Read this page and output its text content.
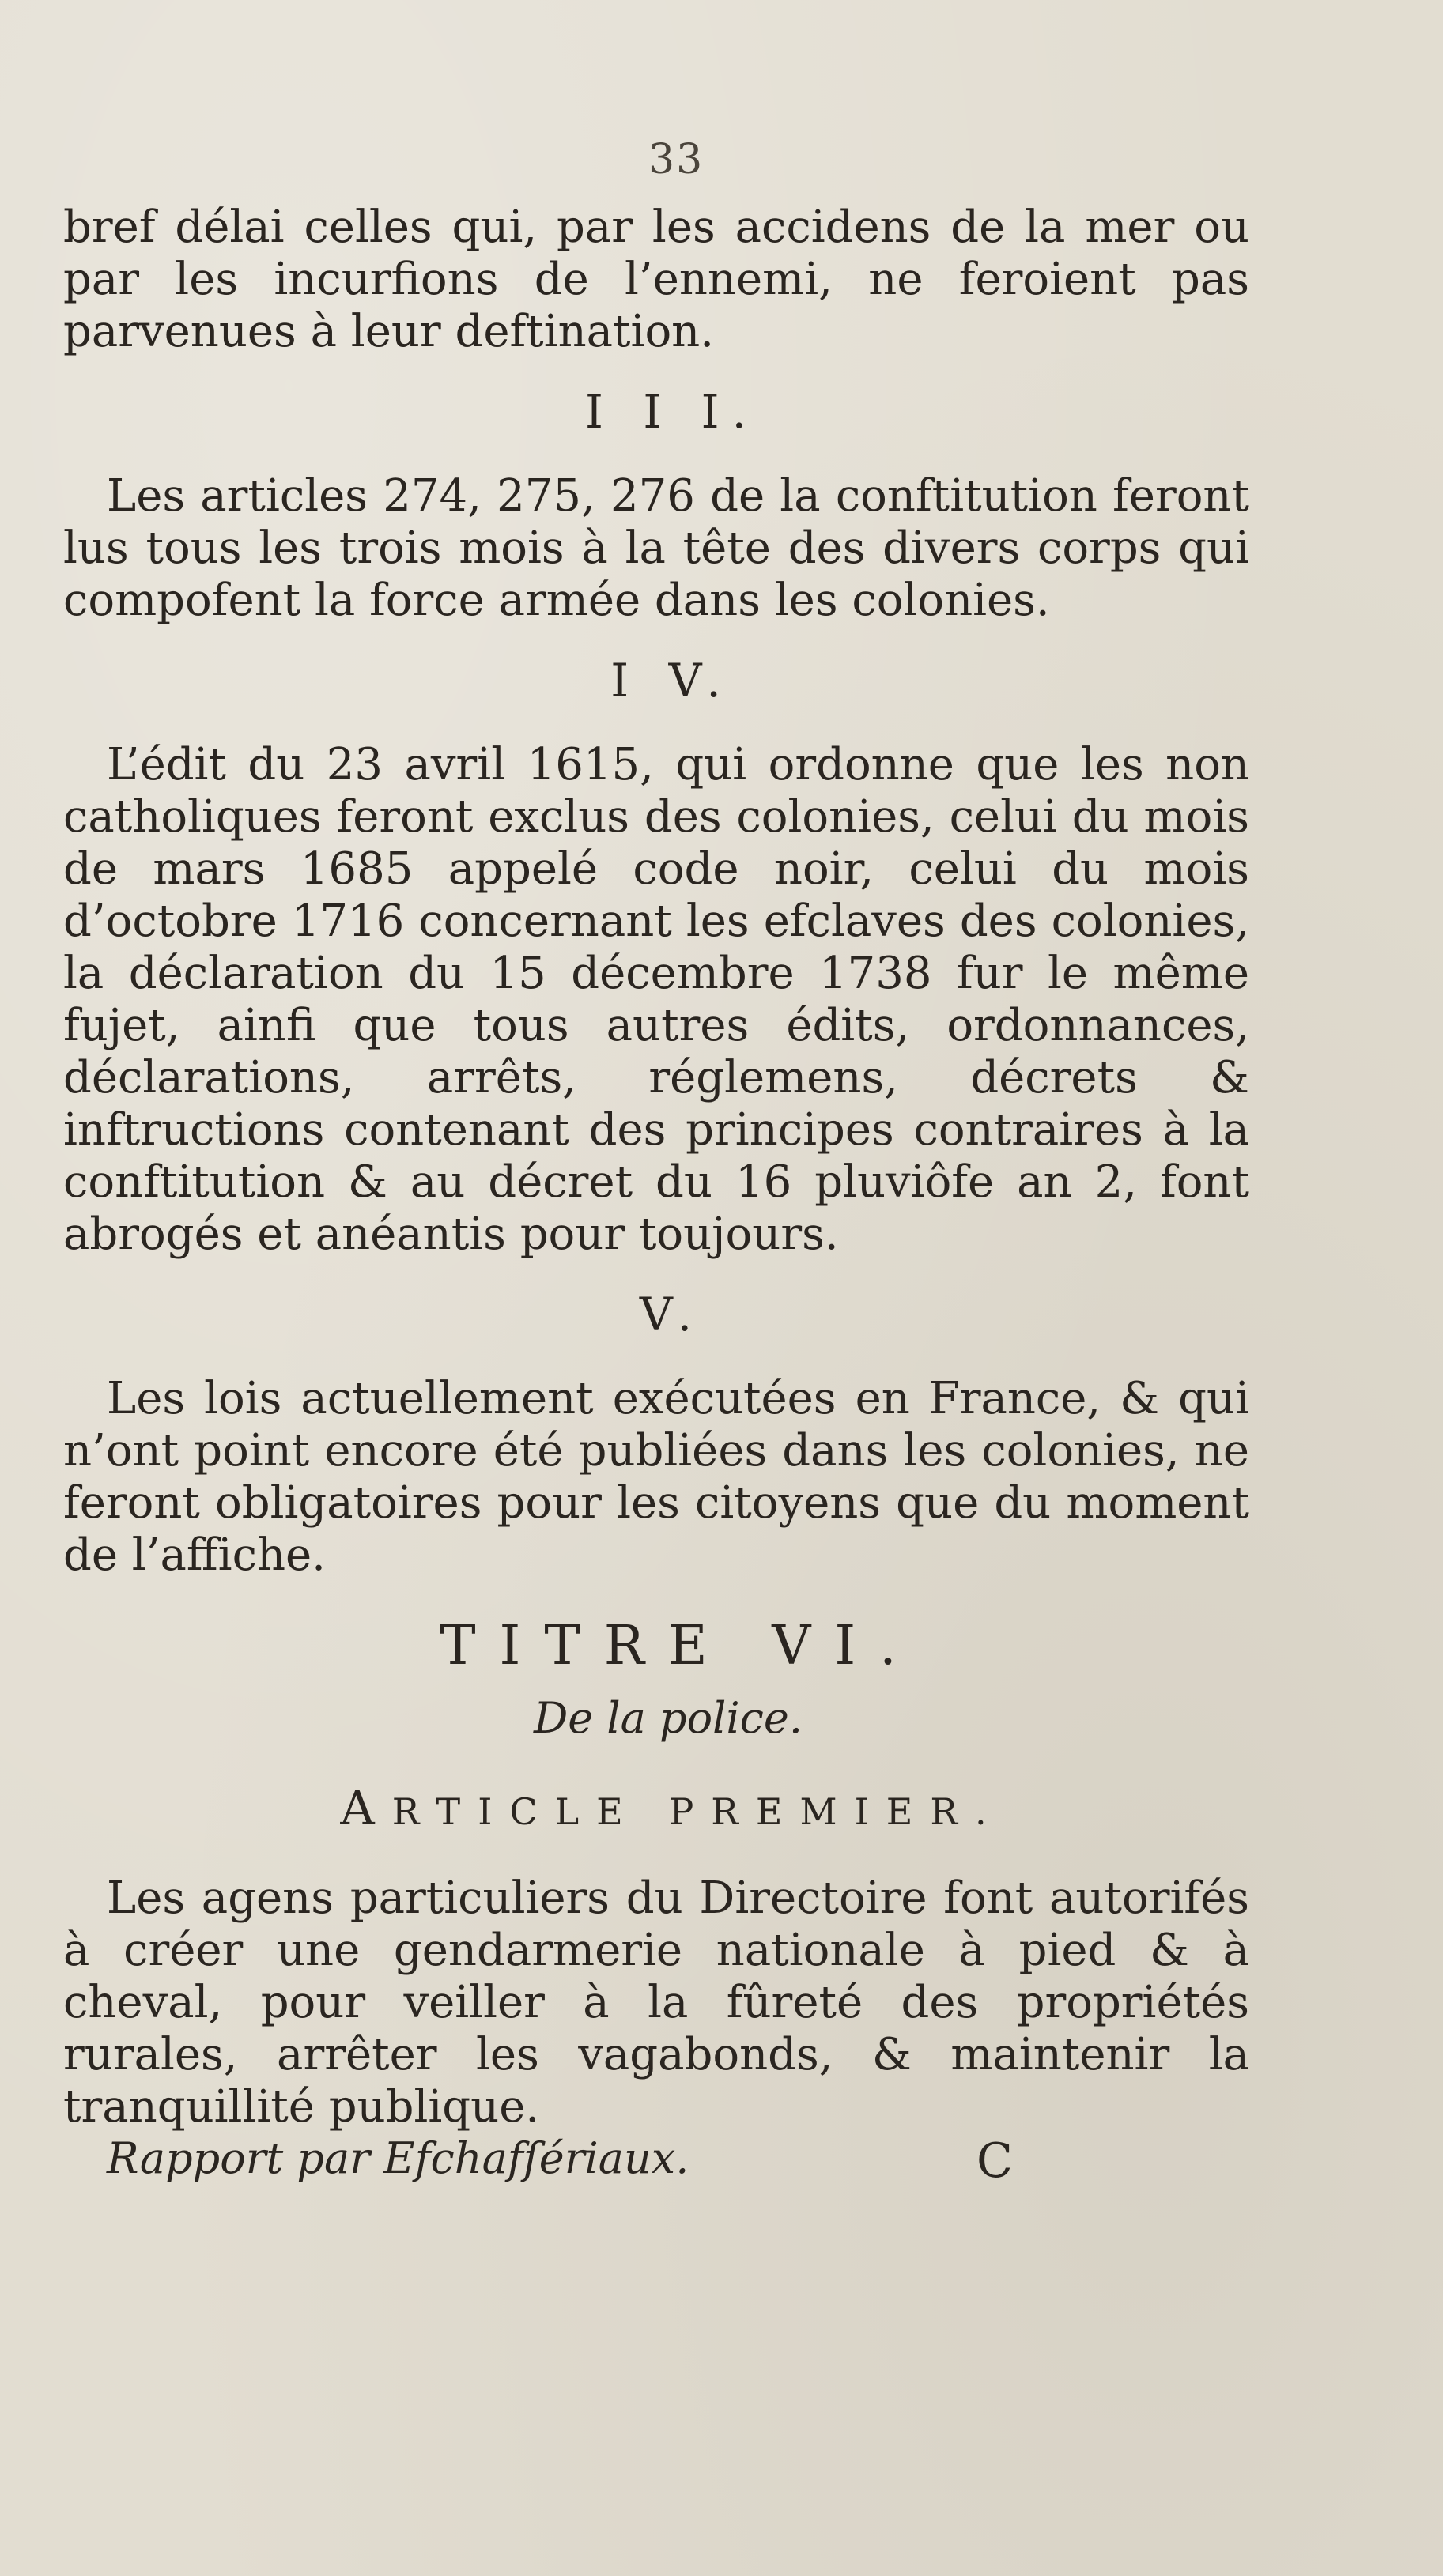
33

bref délai celles qui, par les accidens de la mer ou par les incurfions de l’ennemi, ne feroient pas parvenues à leur deftination.

I I I.

Les articles 274, 275, 276 de la conftitution feront lus tous les trois mois à la tête des divers corps qui compofent la force armée dans les colonies.

I V.

L’édit du 23 avril 1615, qui ordonne que les non catholiques feront exclus des colonies, celui du mois de mars 1685 appelé code noir, celui du mois d’octobre 1716 concernant les efclaves des colonies, la déclaration du 15 décembre 1738 fur le même fujet, ainfi que tous autres édits, ordonnances, déclarations, arrêts, réglemens, décrets & inftructions contenant des principes contraires à la conftitution & au décret du 16 pluviôfe an 2, font abrogés et anéantis pour toujours.

V.

Les lois actuellement exécutées en France, & qui n’ont point encore été publiées dans les colonies, ne feront obligatoires pour les citoyens que du moment de l’affiche.

TITRE VI.
De la police.
ARTICLE PREMIER.

Les agens particuliers du Directoire font autorifés à créer une gendarmerie nationale à pied & à cheval, pour veiller à la fûreté des propriétés rurales, arrêter les vagabonds, & maintenir la tranquillité publique.

Rapport par Efchafſériaux.	C
